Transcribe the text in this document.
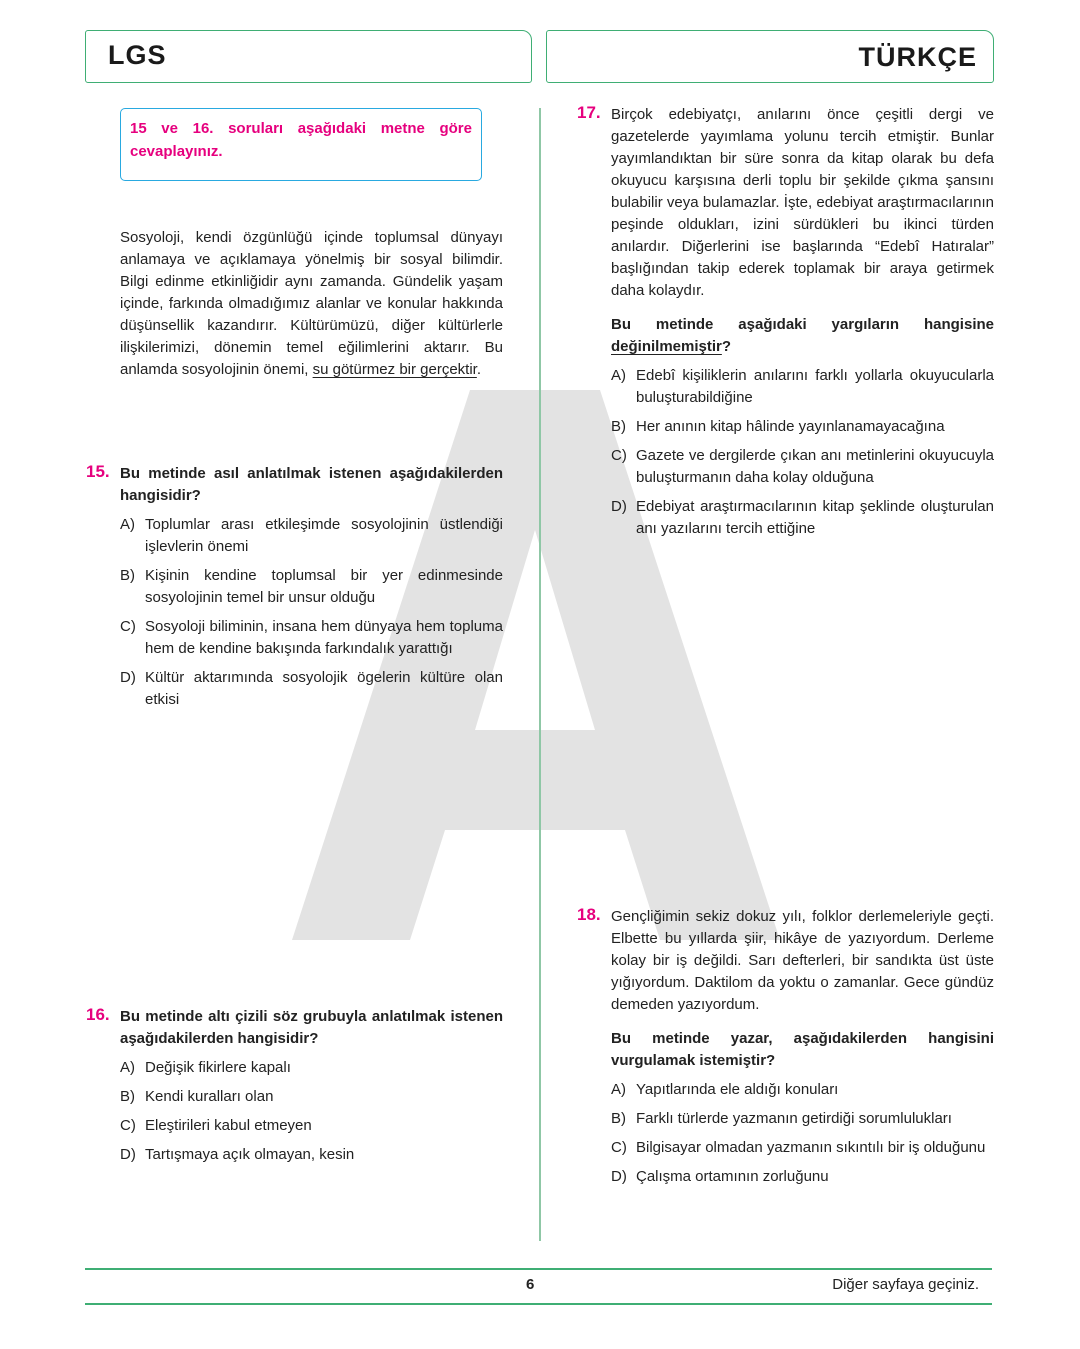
LGS	TÜRKÇE
15 ve 16. soruları aşağıdaki metne göre cevaplayınız.
Sosyoloji, kendi özgünlüğü içinde toplumsal dünyayı anlamaya ve açıklamaya yönelmiş bir sosyal bilimdir. Bilgi edinme etkinliğidir aynı zamanda. Gündelik yaşam içinde, farkında olmadığımız alanlar ve konular hakkında düşünsellik kazandırır. Kültürümüzü, diğer kültürlerle ilişkilerimizi, dönemin temel eğilimlerini aktarır. Bu anlamda sosyolojinin önemi, su götürmez bir gerçektir.
15. Bu metinde asıl anlatılmak istenen aşağıdakilerden hangisidir?
A) Toplumlar arası etkileşimde sosyolojinin üstlendiği işlevlerin önemi
B) Kişinin kendine toplumsal bir yer edinmesinde sosyolojinin temel bir unsur olduğu
C) Sosyoloji biliminin, insana hem dünyaya hem topluma hem de kendine bakışında farkındalık yarattığı
D) Kültür aktarımında sosyolojik ögelerin kültüre olan etkisi
16. Bu metinde altı çizili söz grubuyla anlatılmak istenen aşağıdakilerden hangisidir?
A) Değişik fikirlere kapalı
B) Kendi kuralları olan
C) Eleştirileri kabul etmeyen
D) Tartışmaya açık olmayan, kesin
17. Birçok edebiyatçı, anılarını önce çeşitli dergi ve gazetelerde yayımlama yolunu tercih etmiştir. Bunlar yayımlandıktan bir süre sonra da kitap olarak bu defa okuyucu karşısına derli toplu bir şekilde çıkma şansını bulabilir veya bulamazlar. İşte, edebiyat araştırmacılarının peşinde oldukları, izini sürdükleri bu ikinci türden anılardır. Diğerlerini ise başlarında “Edebî Hatıralar” başlığından takip ederek toplamak bir araya getirmek daha kolaydır.
Bu metinde aşağıdaki yargıların hangisine değinilmemiştir?
A) Edebî kişiliklerin anılarını farklı yollarla okuyucularla buluşturabildiğine
B) Her anının kitap hâlinde yayınlanamayacağına
C) Gazete ve dergilerde çıkan anı metinlerini okuyucuyla buluşturmanın daha kolay olduğuna
D) Edebiyat araştırmacılarının kitap şeklinde oluşturulan anı yazılarını tercih ettiğine
18. Gençliğimin sekiz dokuz yılı, folklor derlemeleriyle geçti. Elbette bu yıllarda şiir, hikâye de yazıyordum. Derleme kolay bir iş değildi. Sarı defterleri, bir sandıkta üst üste yığıyordum. Daktilom da yoktu o zamanlar. Gece gündüz demeden yazıyordum.
Bu metinde yazar, aşağıdakilerden hangisini vurgulamak istemiştir?
A) Yapıtlarında ele aldığı konuları
B) Farklı türlerde yazmanın getirdiği sorumlulukları
C) Bilgisayar olmadan yazmanın sıkıntılı bir iş olduğunu
D) Çalışma ortamının zorluğunu
6	Diğer sayfaya geçiniz.
